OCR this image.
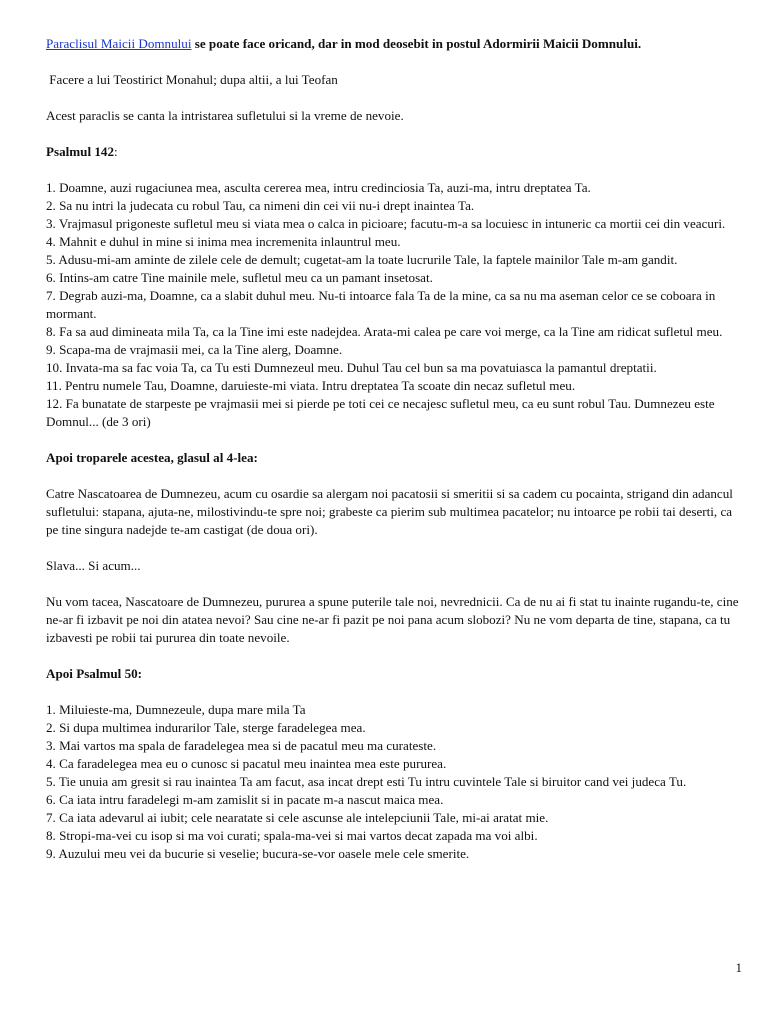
Paraclisul Maicii Domnului se poate face oricand, dar in mod deosebit in postul Adormirii Maicii Domnului.

Facere a lui Teostirict Monahul; dupa altii, a lui Teofan

Acest paraclis se canta la intristarea sufletului si la vreme de nevoie.

Psalmul 142:

1. Doamne, auzi rugaciunea mea, asculta cererea mea, intru credinciosia Ta, auzi-ma, intru dreptatea Ta.

2. Sa nu intri la judecata cu robul Tau, ca nimeni din cei vii nu-i drept inaintea Ta.

3. Vrajmasul prigoneste sufletul meu si viata mea o calca in picioare; facutu-m-a sa locuiesc in intuneric ca mortii cei din veacuri.

4. Mahnit e duhul in mine si inima mea incremenita inlauntrul meu.

5. Adusu-mi-am aminte de zilele cele de demult; cugetat-am la toate lucrurile Tale, la faptele mainilor Tale m-am gandit.

6. Intins-am catre Tine mainile mele, sufletul meu ca un pamant insetosat.

7. Degrab auzi-ma, Doamne, ca a slabit duhul meu. Nu-ti intoarce fala Ta de la mine, ca sa nu ma aseman celor ce se coboara in mormant.

8. Fa sa aud dimineata mila Ta, ca la Tine imi este nadejdea. Arata-mi calea pe care voi merge, ca la Tine am ridicat sufletul meu.

9. Scapa-ma de vrajmasii mei, ca la Tine alerg, Doamne.

10. Invata-ma sa fac voia Ta, ca Tu esti Dumnezeul meu. Duhul Tau cel bun sa ma povatuiasca la pamantul dreptatii.

11. Pentru numele Tau, Doamne, daruieste-mi viata. Intru dreptatea Ta scoate din necaz sufletul meu.

12. Fa bunatate de starpeste pe vrajmasii mei si pierde pe toti cei ce necajesc sufletul meu, ca eu sunt robul Tau. Dumnezeu este Domnul... (de 3 ori)

Apoi troparele acestea, glasul al 4-lea:

Catre Nascatoarea de Dumnezeu, acum cu osardie sa alergam noi pacatosii si smeritii si sa cadem cu pocainta, strigand din adancul sufletului: stapana, ajuta-ne, milostivindu-te spre noi; grabeste ca pierim sub multimea pacatelor; nu intoarce pe robii tai deserti, ca pe tine singura nadejde te-am castigat (de doua ori).

Slava... Si acum...

Nu vom tacea, Nascatoare de Dumnezeu, pururea a spune puterile tale noi, nevrednicii. Ca de nu ai fi stat tu inainte rugandu-te, cine ne-ar fi izbavit pe noi din atatea nevoi? Sau cine ne-ar fi pazit pe noi pana acum slobozi? Nu ne vom departa de tine, stapana, ca tu izbavesti pe robii tai pururea din toate nevoile.

Apoi Psalmul 50:

1. Miluieste-ma, Dumnezeule, dupa mare mila Ta

2. Si dupa multimea indurarilor Tale, sterge faradelegea mea.

3. Mai vartos ma spala de faradelegea mea si de pacatul meu ma curateste.

4. Ca faradelegea mea eu o cunosc si pacatul meu inaintea mea este pururea.

5. Tie unuia am gresit si rau inaintea Ta am facut, asa incat drept esti Tu intru cuvintele Tale si biruitor cand vei judeca Tu.

6. Ca iata intru faradelegi m-am zamislit si in pacate m-a nascut maica mea.

7. Ca iata adevarul ai iubit; cele nearatate si cele ascunse ale intelepciunii Tale, mi-ai aratat mie.

8. Stropi-ma-vei cu isop si ma voi curati; spala-ma-vei si mai vartos decat zapada ma voi albi.

9. Auzului meu vei da bucurie si veselie; bucura-se-vor oasele mele cele smerite.

1
